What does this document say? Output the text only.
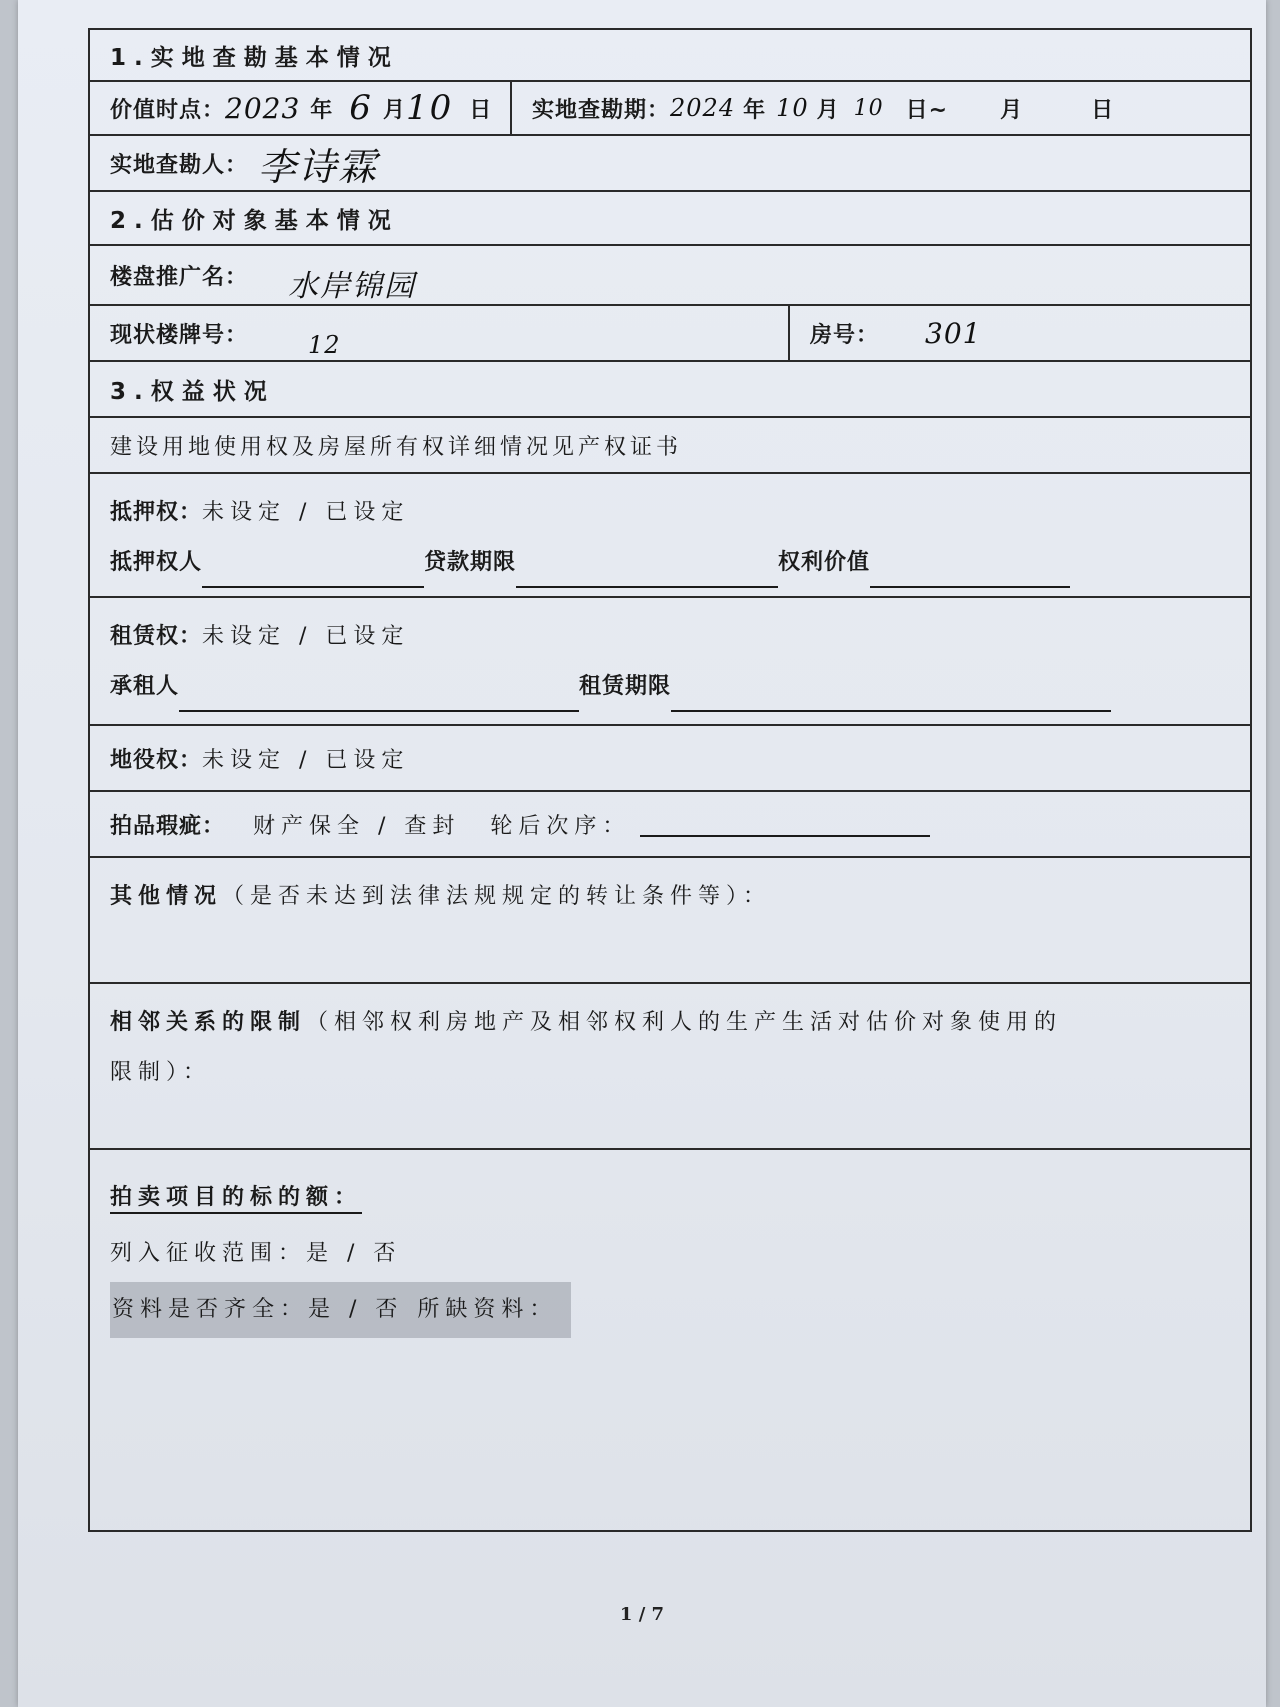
1.实地查勘基本情况
价值时点： 2023 年 6 月 10 日 实地查勘期： 2024 年 10 月 10 日~ 月	日
实地查勘人： 李诗霖
2.估价对象基本情况
楼盘推广名： 水岸锦园
现状楼牌号：	12	房号： 301
3.权益状况
建设用地使用权及房屋所有权详细情况见产权证书
抵押权：未设定 / 已设定
抵押权人	贷款期限	权利价值
租赁权：未设定 / 已设定
承租人	租赁期限
地役权： 未设定 / 已设定
拍品瑕疵： 财产保全 / 查封 轮后次序：
其他情况（是否未达到法律法规规定的转让条件等）：
相邻关系的限制（相邻权利房地产及相邻权利人的生产生活对估价对象使用的
限制）：
拍卖项目的标的额：
列入征收范围：是 / 否
资料是否齐全：是 / 否 所缺资料：
1 / 7
